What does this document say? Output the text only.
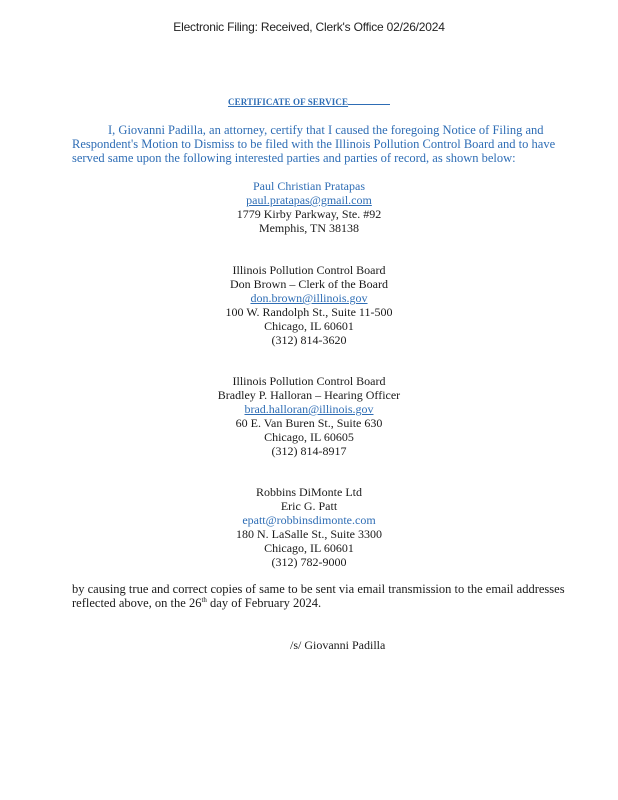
Electronic Filing: Received, Clerk's Office 02/26/2024
CERTIFICATE OF SERVICE
I, Giovanni Padilla, an attorney, certify that I caused the foregoing Notice of Filing and
Respondent's Motion to Dismiss to be filed with the Illinois Pollution Control Board and to have
served same upon the following interested parties and parties of record, as shown below:
Paul Christian Pratapas
paul.pratapas@gmail.com
1779 Kirby Parkway, Ste. #92
Memphis, TN 38138
Illinois Pollution Control Board
Don Brown – Clerk of the Board
don.brown@illinois.gov
100 W. Randolph St., Suite 11-500
Chicago, IL 60601
(312) 814-3620
Illinois Pollution Control Board
Bradley P. Halloran – Hearing Officer
brad.halloran@illinois.gov
60 E. Van Buren St., Suite 630
Chicago, IL 60605
(312) 814-8917
Robbins DiMonte Ltd
Eric G. Patt
epatt@robbinsdimonte.com
180 N. LaSalle St., Suite 3300
Chicago, IL 60601
(312) 782-9000
by causing true and correct copies of same to be sent via email transmission to the email addresses
reflected above, on the 26th day of February 2024.
/s/ Giovanni Padilla
